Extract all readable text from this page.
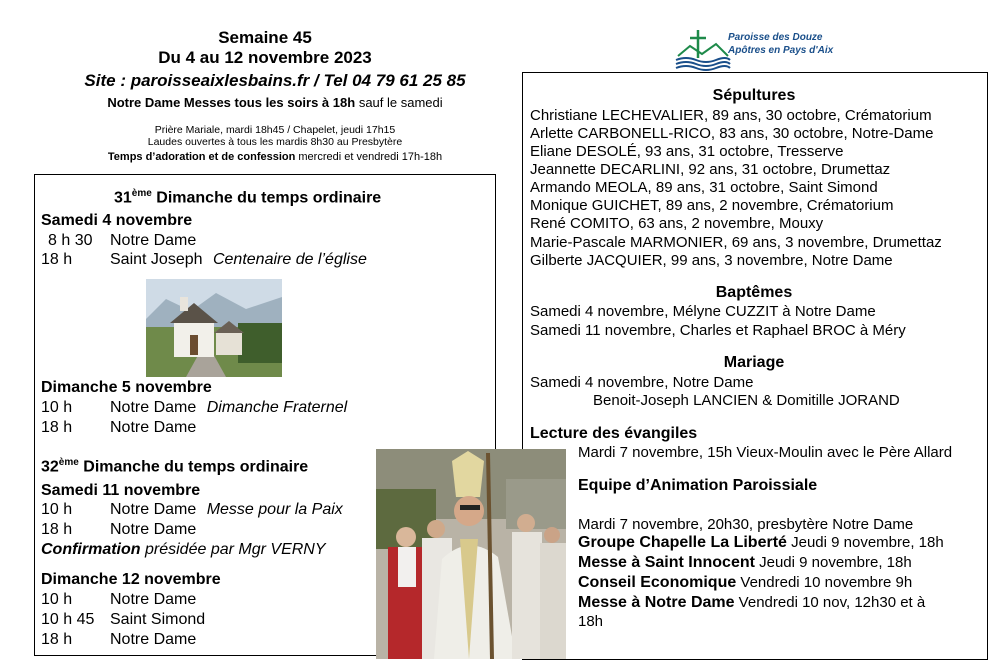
Semaine 45
Du 4 au 12 novembre 2023
Site : paroisseaixlesbains.fr / Tel 04 79 61 25 85
Notre Dame Messes tous les soirs à 18h sauf le samedi
Prière Mariale, mardi 18h45 / Chapelet, jeudi 17h15
Laudes ouvertes à tous les mardis 8h30 au Presbytère
Temps d’adoration et de confession mercredi et vendredi 17h-18h
Paroisse des Douze
Apôtres en Pays d'Aix
31ème Dimanche du temps ordinaire
Samedi 4 novembre
8 h 30 Notre Dame
18 h Saint Joseph Centenaire de l’église
Dimanche 5 novembre
10 h Notre Dame Dimanche Fraternel
18 h Notre Dame
32ème Dimanche du temps ordinaire
Samedi 11 novembre
10 h Notre Dame Messe pour la Paix
18 h Notre Dame
Confirmation présidée par Mgr VERNY
Dimanche 12 novembre
10 h Notre Dame
10 h 45 Saint Simond
18 h Notre Dame
Sépultures
Christiane LECHEVALIER, 89 ans, 30 octobre, Crématorium
Arlette CARBONELL-RICO, 83 ans, 30 octobre, Notre-Dame
Eliane DESOLÉ, 93 ans, 31 octobre, Tresserve
Jeannette DECARLINI, 92 ans, 31 octobre, Drumettaz
Armando MEOLA, 89 ans, 31 octobre, Saint Simond
Monique GUICHET, 89 ans, 2 novembre, Crématorium
René COMITO, 63 ans, 2 novembre, Mouxy
Marie-Pascale MARMONIER, 69 ans, 3 novembre, Drumettaz
Gilberte JACQUIER, 99 ans, 3 novembre, Notre Dame
Baptêmes
Samedi 4 novembre, Mélyne CUZZIT à Notre Dame
Samedi 11 novembre, Charles et Raphael BROC à Méry
Mariage
Samedi 4 novembre, Notre Dame
Benoit-Joseph LANCIEN & Domitille JORAND
Lecture des évangiles
Mardi 7 novembre, 15h Vieux-Moulin avec le Père Allard
Equipe d’Animation Paroissiale
Mardi 7 novembre, 20h30, presbytère Notre Dame
Groupe Chapelle La Liberté Jeudi 9 novembre, 18h
Messe à Saint Innocent Jeudi 9 novembre, 18h
Conseil Economique Vendredi 10 novembre 9h
Messe à Notre Dame Vendredi 10 nov, 12h30 et à
18h
